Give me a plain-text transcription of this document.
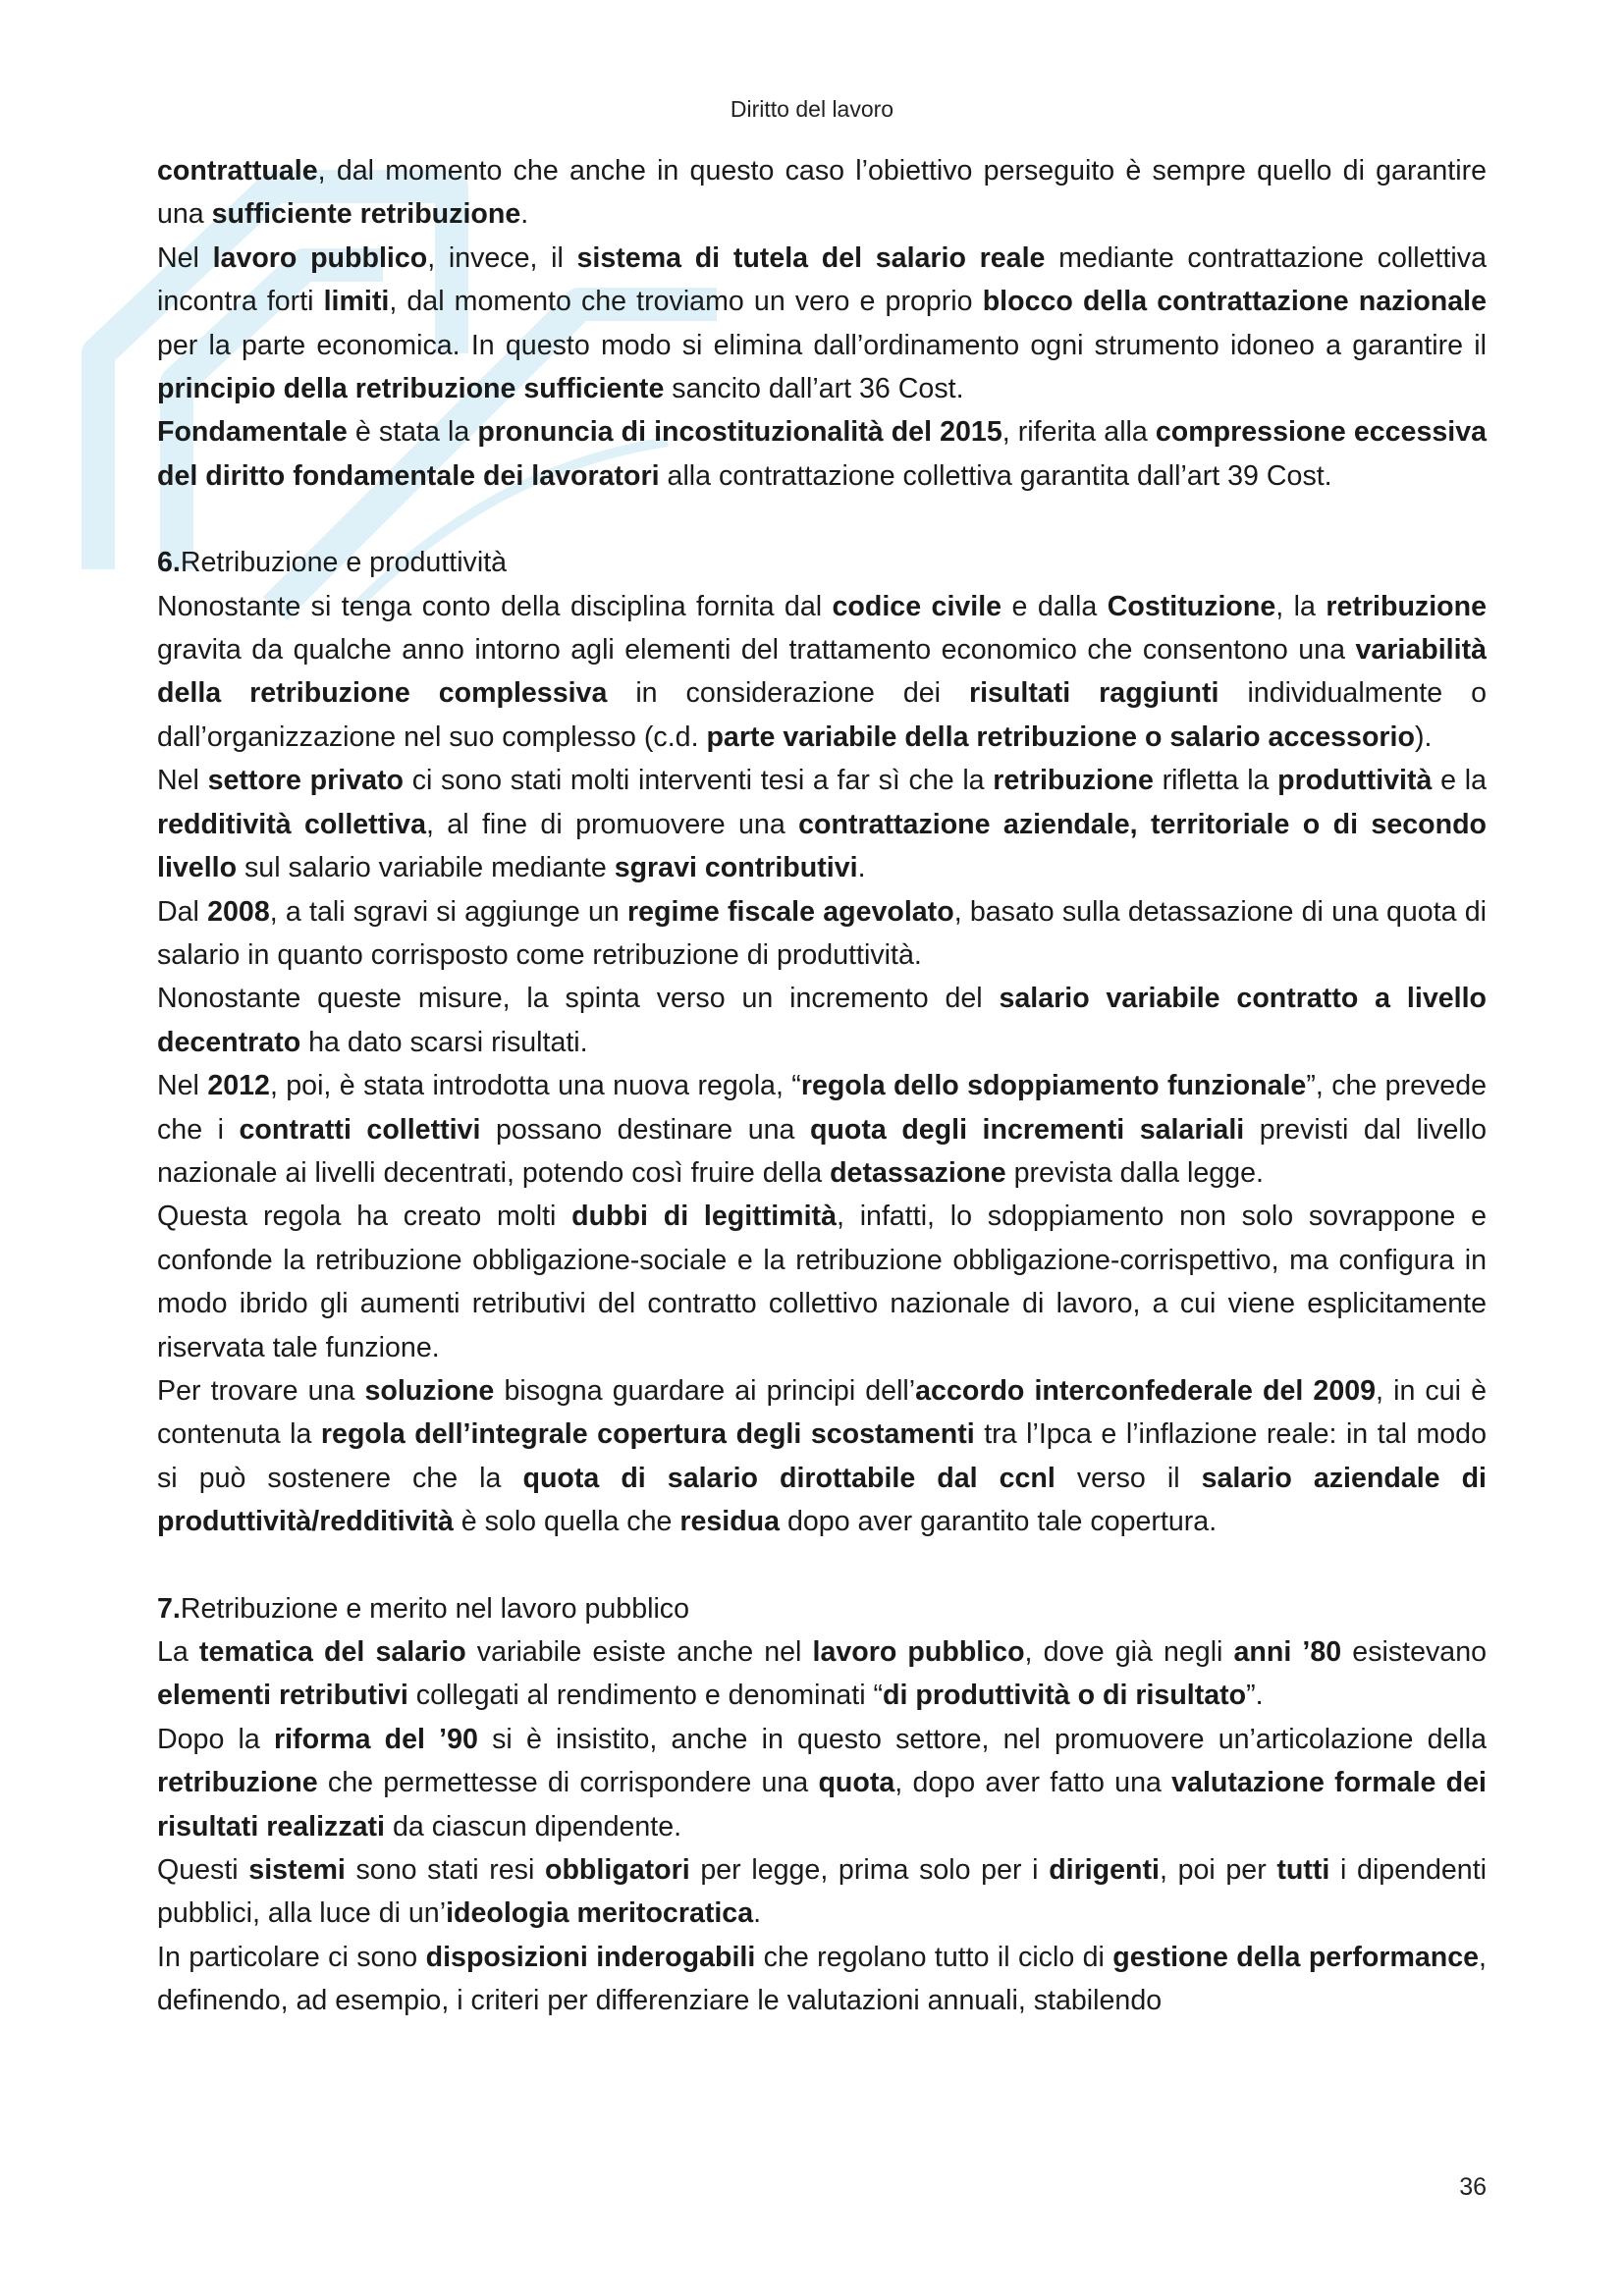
Diritto del lavoro

contrattuale, dal momento che anche in questo caso l’obiettivo perseguito è sempre quello di garantire una sufficiente retribuzione.

Nel lavoro pubblico, invece, il sistema di tutela del salario reale mediante contrattazione collettiva incontra forti limiti, dal momento che troviamo un vero e proprio blocco della contrattazione nazionale per la parte economica. In questo modo si elimina dall’ordinamento ogni strumento idoneo a garantire il principio della retribuzione sufficiente sancito dall’art 36 Cost.

Fondamentale è stata la pronuncia di incostituzionalità del 2015, riferita alla compressione eccessiva del diritto fondamentale dei lavoratori alla contrattazione collettiva garantita dall’art 39 Cost.

6.Retribuzione e produttività

Nonostante si tenga conto della disciplina fornita dal codice civile e dalla Costituzione, la retribuzione gravita da qualche anno intorno agli elementi del trattamento economico che consentono una variabilità della retribuzione complessiva in considerazione dei risultati raggiunti individualmente o dall’organizzazione nel suo complesso (c.d. parte variabile della retribuzione o salario accessorio).

Nel settore privato ci sono stati molti interventi tesi a far sì che la retribuzione rifletta la produttività e la redditività collettiva, al fine di promuovere una contrattazione aziendale, territoriale o di secondo livello sul salario variabile mediante sgravi contributivi.

Dal 2008, a tali sgravi si aggiunge un regime fiscale agevolato, basato sulla detassazione di una quota di salario in quanto corrisposto come retribuzione di produttività.

Nonostante queste misure, la spinta verso un incremento del salario variabile contratto a livello decentrato ha dato scarsi risultati.

Nel 2012, poi, è stata introdotta una nuova regola, “regola dello sdoppiamento funzionale”, che prevede che i contratti collettivi possano destinare una quota degli incrementi salariali previsti dal livello nazionale ai livelli decentrati, potendo così fruire della detassazione prevista dalla legge.

Questa regola ha creato molti dubbi di legittimità, infatti, lo sdoppiamento non solo sovrappone e confonde la retribuzione obbligazione-sociale e la retribuzione obbligazione-corrispettivo, ma configura in modo ibrido gli aumenti retributivi del contratto collettivo nazionale di lavoro, a cui viene esplicitamente riservata tale funzione.

Per trovare una soluzione bisogna guardare ai principi dell’accordo interconfederale del 2009, in cui è contenuta la regola dell’integrale copertura degli scostamenti tra l’Ipca e l’inflazione reale: in tal modo si può sostenere che la quota di salario dirottabile dal ccnl verso il salario aziendale di produttività/redditività è solo quella che residua dopo aver garantito tale copertura.

7.Retribuzione e merito nel lavoro pubblico

La tematica del salario variabile esiste anche nel lavoro pubblico, dove già negli anni ’80 esistevano elementi retributivi collegati al rendimento e denominati “di produttività o di risultato”.

Dopo la riforma del ’90 si è insistito, anche in questo settore, nel promuovere un’articolazione della retribuzione che permettesse di corrispondere una quota, dopo aver fatto una valutazione formale dei risultati realizzati da ciascun dipendente.

Questi sistemi sono stati resi obbligatori per legge, prima solo per i dirigenti, poi per tutti i dipendenti pubblici, alla luce di un’ideologia meritocratica.

In particolare ci sono disposizioni inderogabili che regolano tutto il ciclo di gestione della performance, definendo, ad esempio, i criteri per differenziare le valutazioni annuali, stabilendo

36
